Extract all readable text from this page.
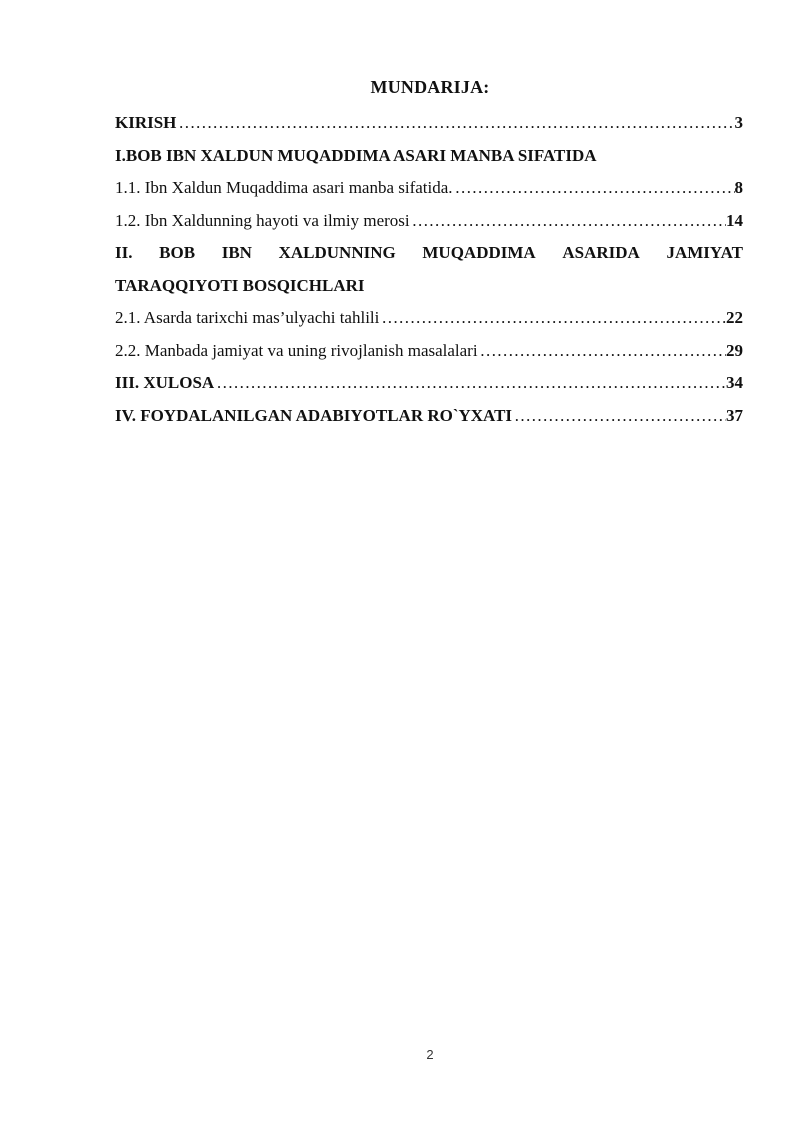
MUNDARIJA:
KIRISH ………………………………………………………………………………………………………………………………………………………………	3
I.BOB IBN XALDUN MUQADDIMA ASARI MANBA SIFATIDA
1.1. Ibn Xaldun Muqaddima asari manba sifatida. ………………………………………………………………………………………………………………………………………………………………	8
1.2. Ibn Xaldunning hayoti va ilmiy merosi ………………………………………………………………………………………………………………………………………………………………	14
II. BOB IBN XALDUNNING MUQADDIMA ASARIDA JAMIYAT
TARAQQIYOTI BOSQICHLARI
2.1. Asarda tarixchi mas’ulyachi tahlili ………………………………………………………………………………………………………………………………………………………………	22
2.2. Manbada jamiyat va uning rivojlanish masalalari ………………………………………………………………………………………………………………………………………………………………	29
III. XULOSA ………………………………………………………………………………………………………………………………………………………………	34
IV. FOYDALANILGAN ADABIYOTLAR RO`YXATI ………………………………………………………………………………………………………………………………………………………………	37
2
